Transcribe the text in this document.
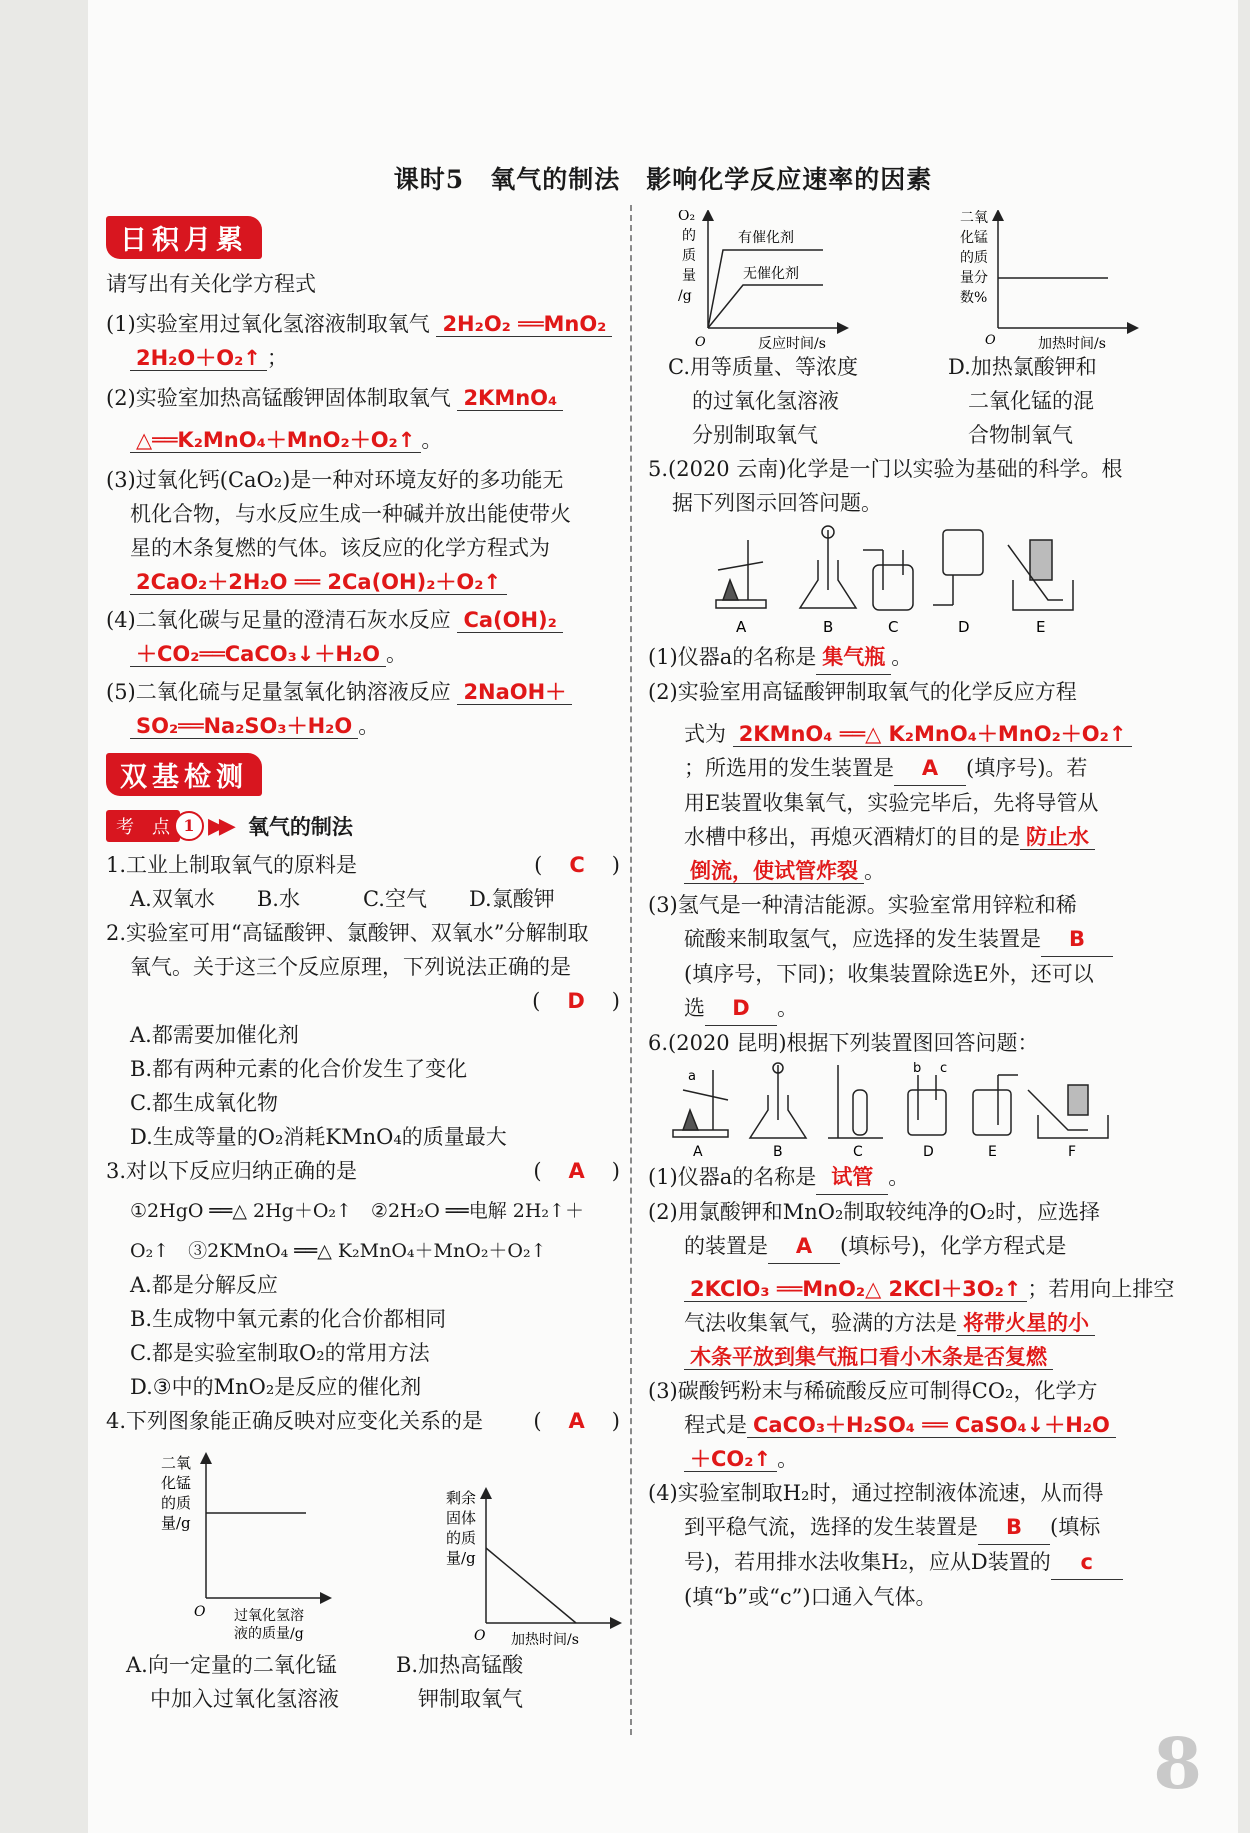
课时5　氧气的制法　影响化学反应速率的因素
日积月累
请写出有关化学方程式
(1)实验室用过氧化氢溶液制取氧气 2H₂O₂ ══MnO₂
2H₂O＋O₂↑ ；
(2)实验室加热高锰酸钾固体制取氧气 2KMnO₄
△══K₂MnO₄＋MnO₂＋O₂↑ 。
(3)过氧化钙(CaO₂)是一种对环境友好的多功能无
机化合物，与水反应生成一种碱并放出能使带火
星的木条复燃的气体。该反应的化学方程式为
2CaO₂＋2H₂O ══ 2Ca(OH)₂＋O₂↑
(4)二氧化碳与足量的澄清石灰水反应 Ca(OH)₂
＋CO₂══CaCO₃↓＋H₂O 。
(5)二氧化硫与足量氢氧化钠溶液反应 2NaOH＋
SO₂══Na₂SO₃＋H₂O 。
双基检测
考　点 1 ▶▶ 氧气的制法
1.工业上制取氧气的原料是	(　C　)
A.双氧水　　B.水　　　C.空气　　D.氯酸钾
2.实验室可用“高锰酸钾、氯酸钾、双氧水”分解制取
氧气。关于这三个反应原理，下列说法正确的是
(　D　)

A.都需要加催化剂
B.都有两种元素的化合价发生了变化
C.都生成氧化物
D.生成等量的O₂消耗KMnO₄的质量最大
3.对以下反应归纳正确的是	(　A　)
①2HgO ══△ 2Hg＋O₂↑　②2H₂O ══电解 2H₂↑＋
O₂↑　③2KMnO₄ ══△ K₂MnO₄＋MnO₂＋O₂↑
A.都是分解反应
B.生成物中氧元素的化合价都相同
C.都是实验室制取O₂的常用方法
D.③中的MnO₂是反应的催化剂
4.下列图象能正确反映对应变化关系的是 (　A　)
二氧
化锰
的质
量/g
O 过氧化氢溶
液的质量/g
剩余
固体
的质
量/g
O 加热时间/s
A.向一定量的二氧化锰	B.加热高锰酸

中加入过氧化氢溶液	钾制取氧气

O₂
的
质
量
/g
有催化剂
无催化剂
O	反应时间/s
二氧
化锰
的质
量分
数%
O	加热时间/s
C.用等质量、等浓度	D.加热氯酸钾和

的过氧化氢溶液	二氧化锰的混

分别制取氧气	合物制氧气

5.(2020 云南)化学是一门以实验为基础的科学。根
据下列图示回答问题。
A	B	C	D	E
(1)仪器a的名称是 集气瓶 。
(2)实验室用高锰酸钾制取氧气的化学反应方程
式为 2KMnO₄ ══△ K₂MnO₄＋MnO₂＋O₂↑
；所选用的发生装置是 A (填序号)。若
用E装置收集氧气，实验完毕后，先将导管从
水槽中移出，再熄灭酒精灯的目的是 防止水
倒流，使试管炸裂 。
(3)氢气是一种清洁能源。实验室常用锌粒和稀
硫酸来制取氢气，应选择的发生装置是 B
(填序号，下同)；收集装置除选E外，还可以
选 D 。
6.(2020 昆明)根据下列装置图回答问题：
a
b c
A	B	C	D	E	F
(1)仪器a的名称是 试管 。
(2)用氯酸钾和MnO₂制取较纯净的O₂时，应选择
的装置是 A (填标号)，化学方程式是
2KClO₃ ══MnO₂△ 2KCl＋3O₂↑ ；若用向上排空
气法收集氧气，验满的方法是 将带火星的小
木条平放到集气瓶口看小木条是否复燃
(3)碳酸钙粉末与稀硫酸反应可制得CO₂，化学方
程式是 CaCO₃＋H₂SO₄ ══ CaSO₄↓＋H₂O
＋CO₂↑ 。
(4)实验室制取H₂时，通过控制液体流速，从而得
到平稳气流，选择的发生装置是 B (填标
号)，若用排水法收集H₂，应从D装置的 c
(填“b”或“c”)口通入气体。
8
